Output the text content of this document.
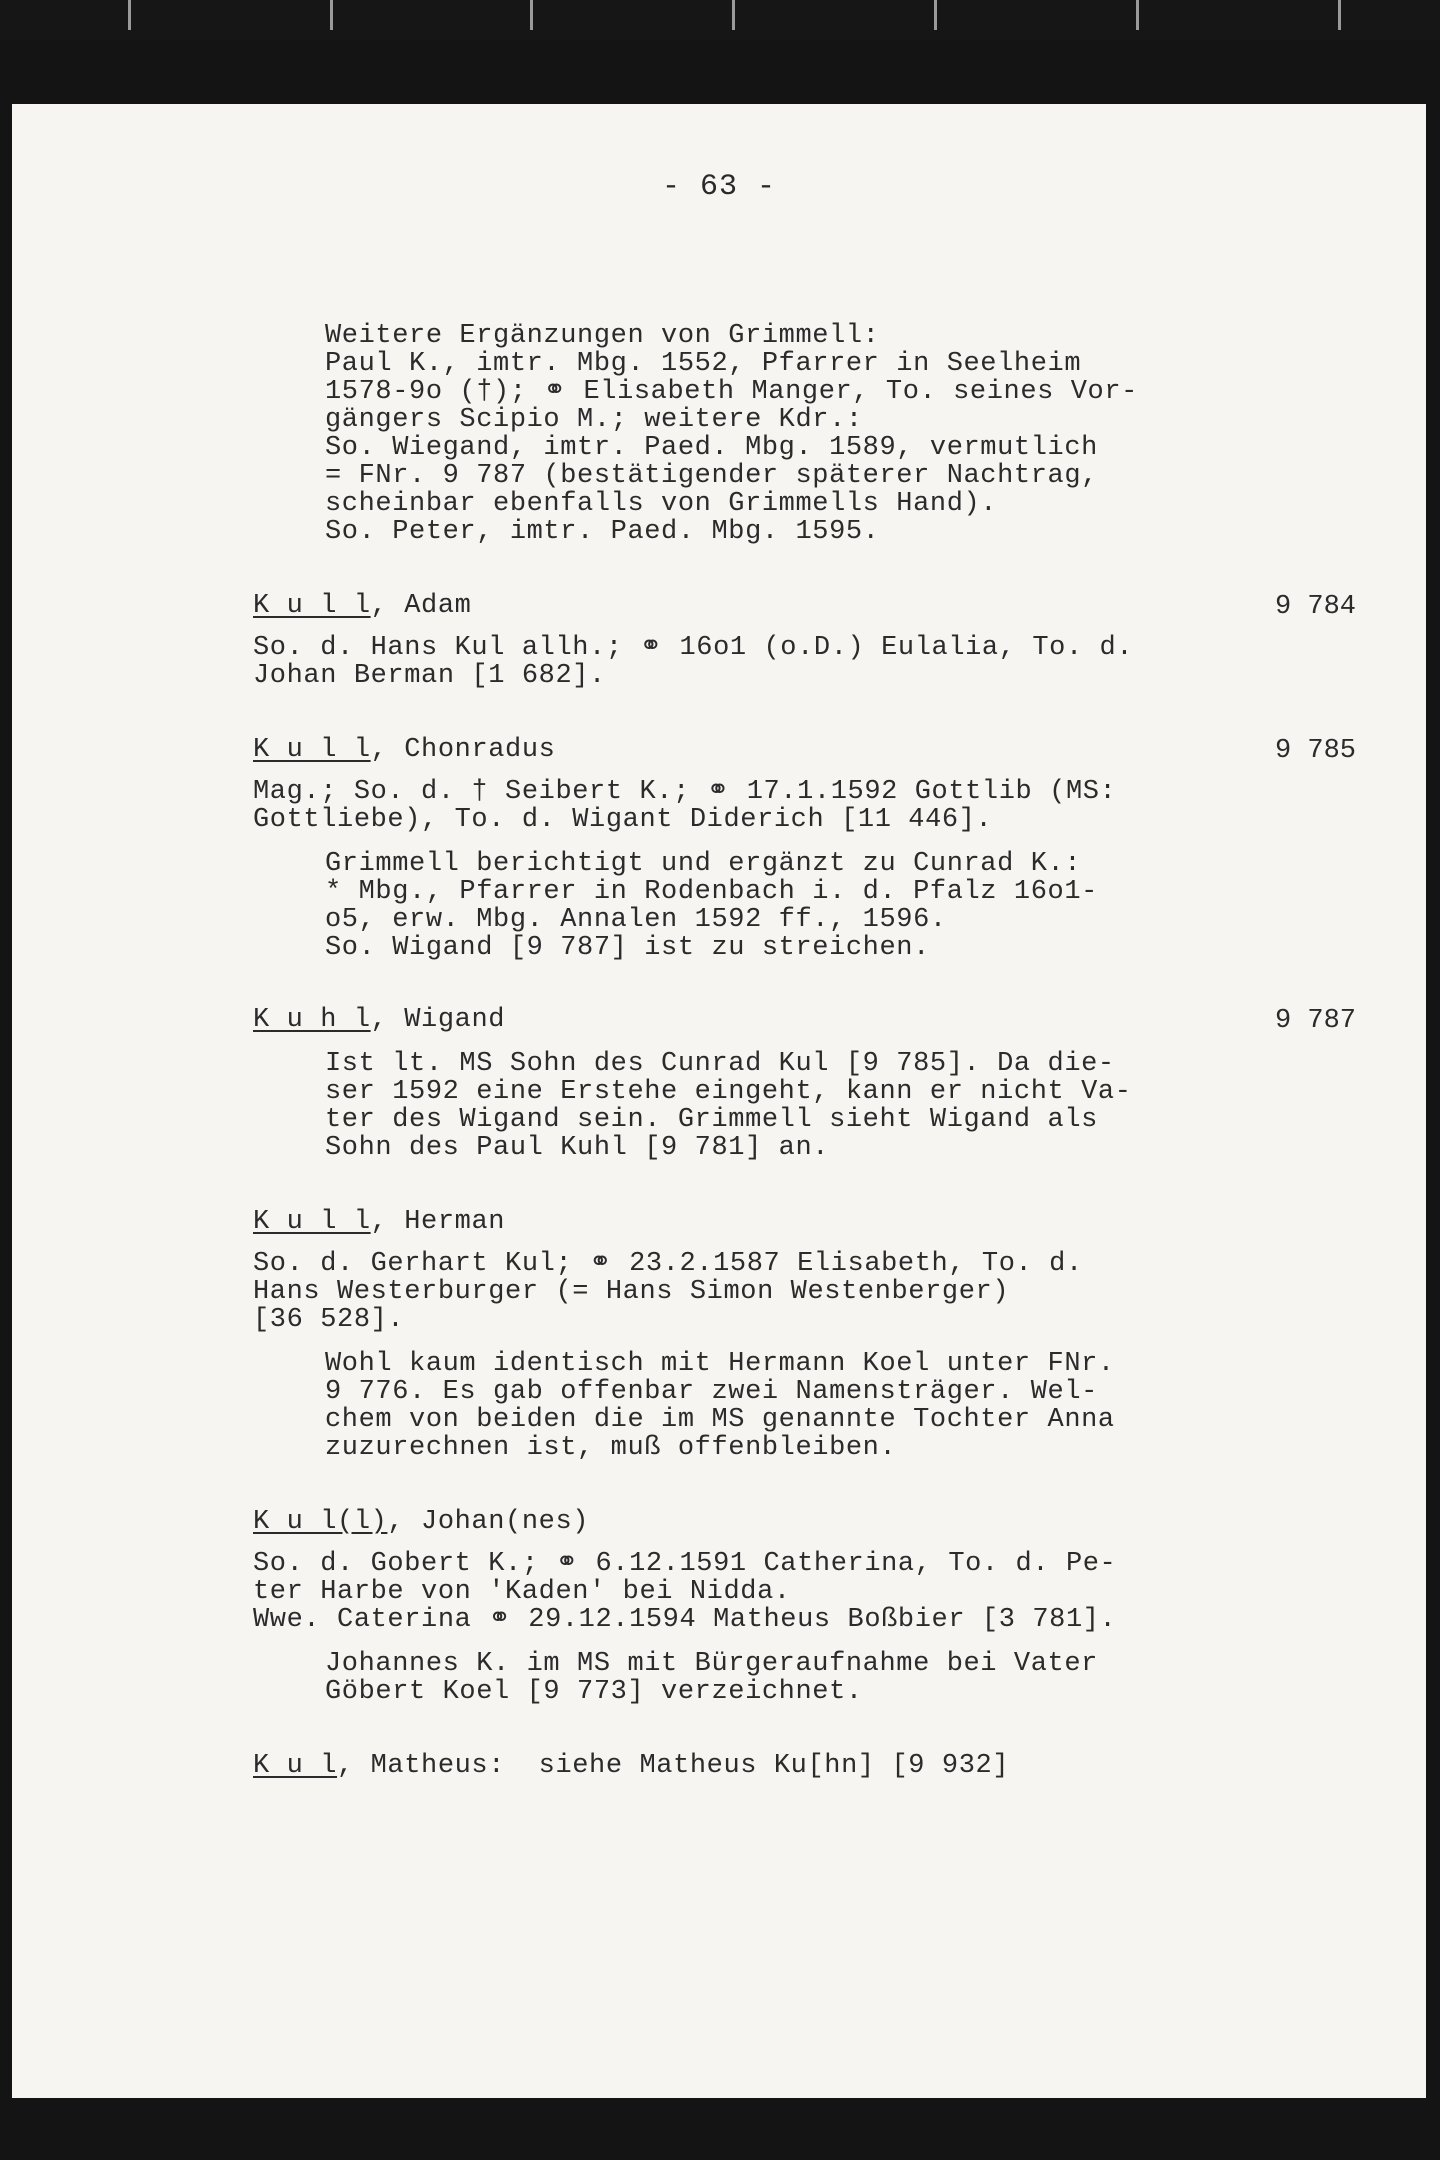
- 63 -
Weitere Ergänzungen von Grimmell:
Paul K., imtr. Mbg. 1552, Pfarrer in Seelheim
1578-9o (†); ⚭ Elisabeth Manger, To. seines Vor-
gängers Scipio M.; weitere Kdr.:
So. Wiegand, imtr. Paed. Mbg. 1589, vermutlich
= FNr. 9 787 (bestätigender späterer Nachtrag,
scheinbar ebenfalls von Grimmells Hand).
So. Peter, imtr. Paed. Mbg. 1595.
K u l l, Adam	9 784
So. d. Hans Kul allh.; ⚭ 16o1 (o.D.) Eulalia, To. d.
Johan Berman [1 682].
K u l l, Chonradus	9 785
Mag.; So. d. † Seibert K.; ⚭ 17.1.1592 Gottlib (MS:
Gottliebe), To. d. Wigant Diderich [11 446].
Grimmell berichtigt und ergänzt zu Cunrad K.:
* Mbg., Pfarrer in Rodenbach i. d. Pfalz 16o1-
o5, erw. Mbg. Annalen 1592 ff., 1596.
So. Wigand [9 787] ist zu streichen.
K u h l, Wigand	9 787
Ist lt. MS Sohn des Cunrad Kul [9 785]. Da die-
ser 1592 eine Erstehe eingeht, kann er nicht Va-
ter des Wigand sein. Grimmell sieht Wigand als
Sohn des Paul Kuhl [9 781] an.
K u l l, Herman
So. d. Gerhart Kul; ⚭ 23.2.1587 Elisabeth, To. d.
Hans Westerburger (= Hans Simon Westenberger)
[36 528].
Wohl kaum identisch mit Hermann Koel unter FNr.
9 776. Es gab offenbar zwei Namensträger. Wel-
chem von beiden die im MS genannte Tochter Anna
zuzurechnen ist, muß offenbleiben.
K u l(l), Johan(nes)
So. d. Gobert K.; ⚭ 6.12.1591 Catherina, To. d. Pe-
ter Harbe von 'Kaden' bei Nidda.
Wwe. Caterina ⚭ 29.12.1594 Matheus Boßbier [3 781].
Johannes K. im MS mit Bürgeraufnahme bei Vater
Göbert Koel [9 773] verzeichnet.
K u l, Matheus:  siehe Matheus Ku[hn] [9 932]
